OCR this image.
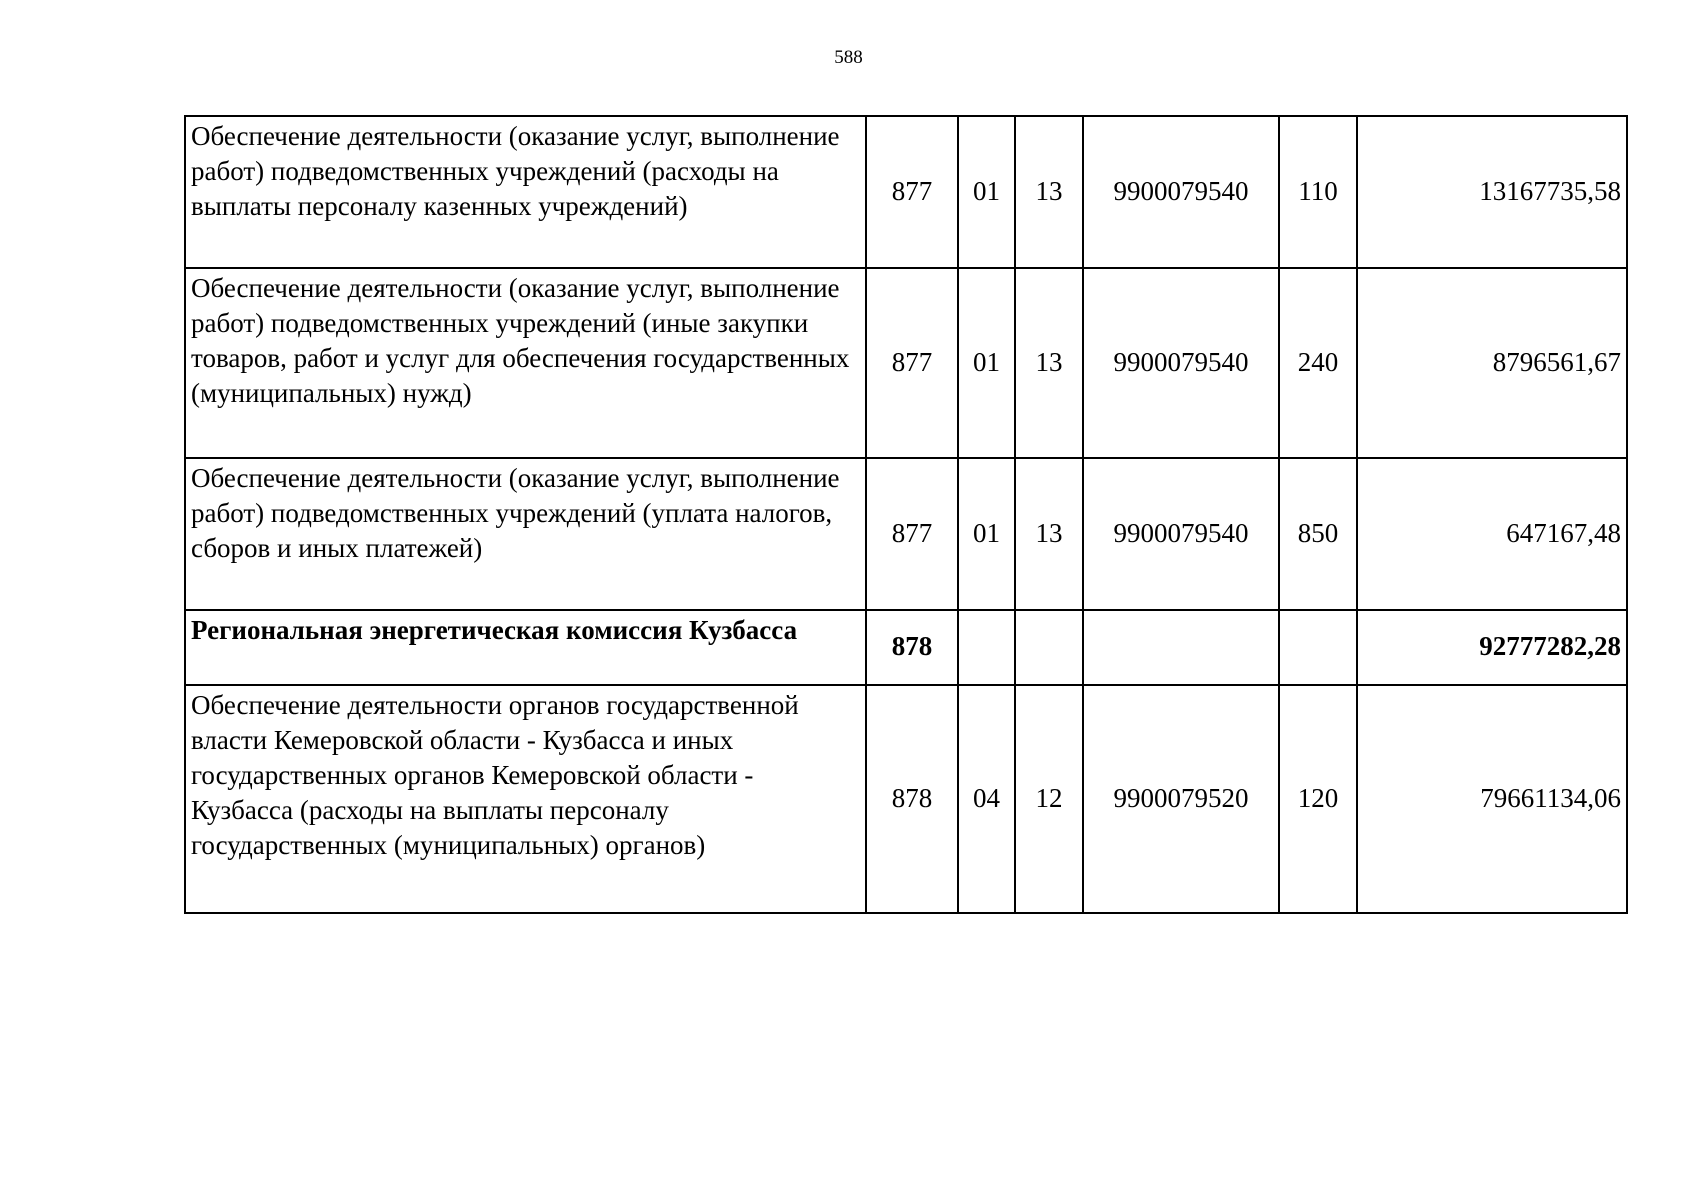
588
Обеспечение деятельности (оказание услуг, выполнение работ) подведомственных учреждений (расходы на выплаты персоналу казенных учреждений)	877	01	13	9900079540	110	13167735,58
Обеспечение деятельности (оказание услуг, выполнение работ) подведомственных учреждений (иные закупки товаров, работ и услуг для обеспечения государственных (муниципальных) нужд)	877	01	13	9900079540	240	8796561,67
Обеспечение деятельности (оказание услуг, выполнение работ) подведомственных учреждений (уплата налогов, сборов и иных платежей)	877	01	13	9900079540	850	647167,48
Региональная энергетическая комиссия Кузбасса	878					92777282,28
Обеспечение деятельности органов государственной власти Кемеровской области - Кузбасса и иных государственных органов Кемеровской области - Кузбасса (расходы на выплаты персоналу государственных (муниципальных) органов)	878	04	12	9900079520	120	79661134,06
